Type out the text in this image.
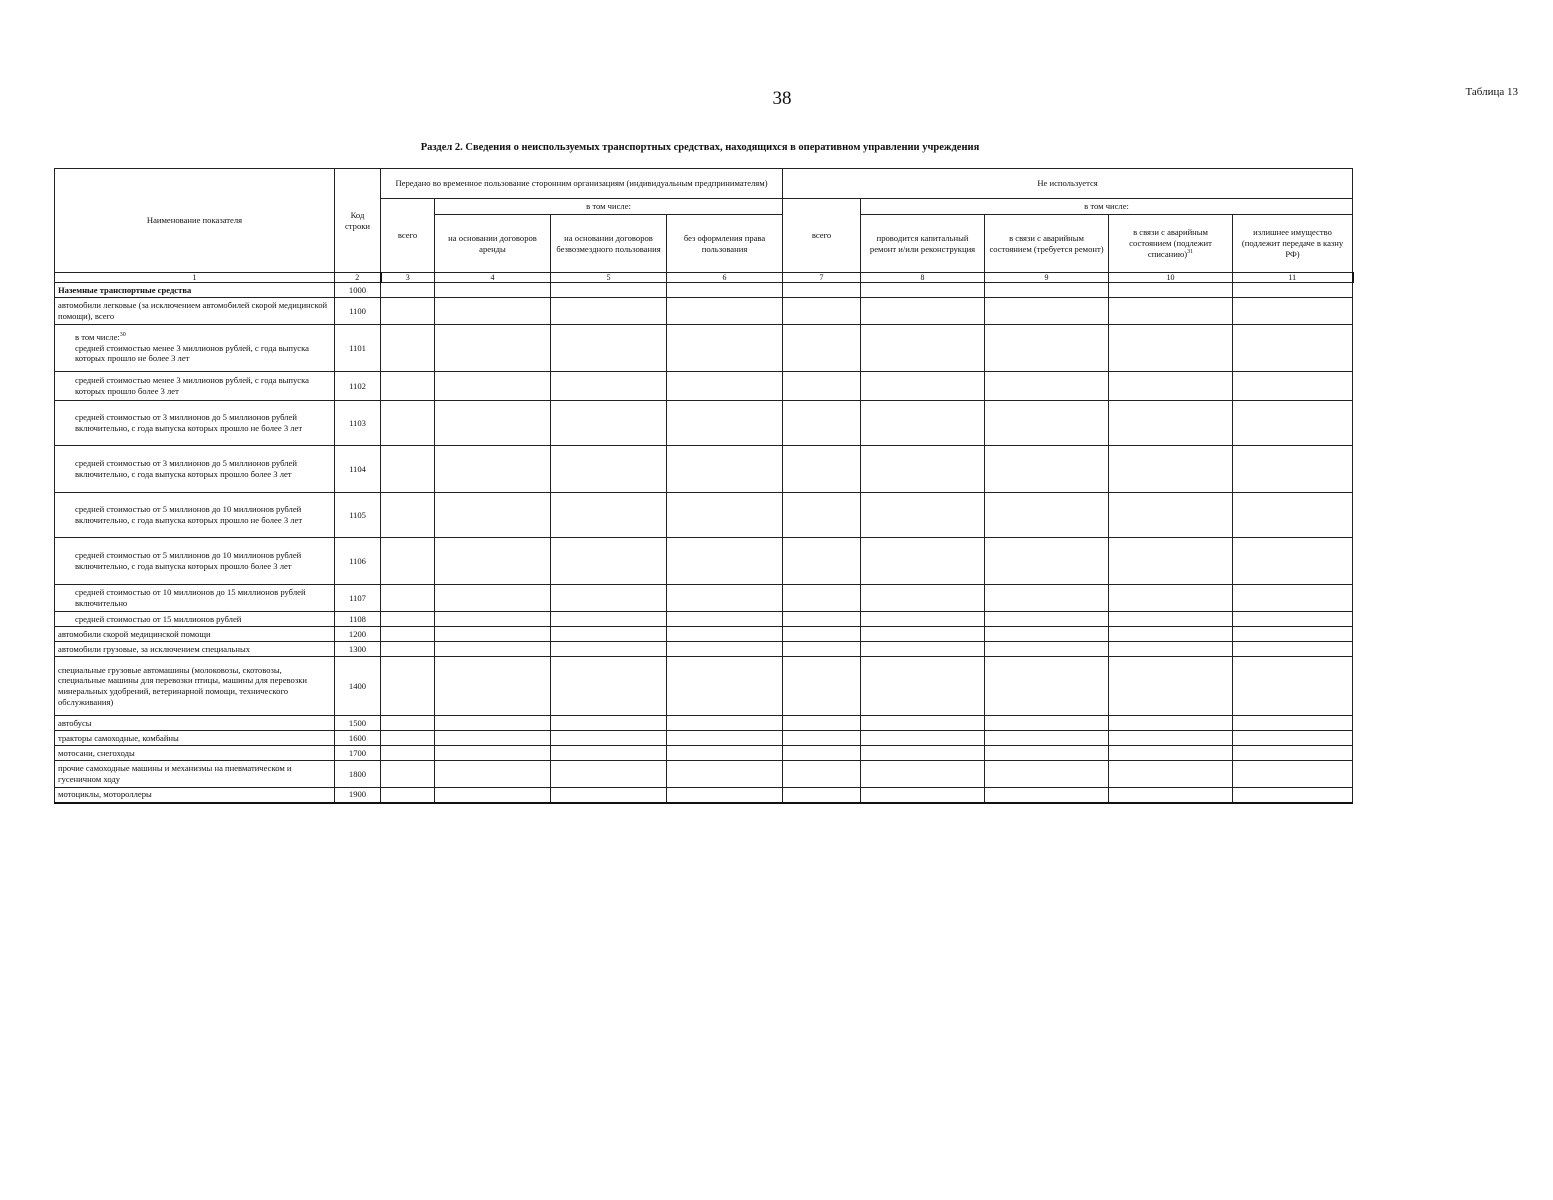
38	Таблица 13
Раздел 2. Сведения о неиспользуемых транспортных средствах, находящихся в оперативном управлении учреждения
Наименование показателя	Код строки	Передано во временное пользование сторонним организациям (индивидуальным предпринимателям)				Не используется				
		всего	в том числе:			всего	в том числе:			
			на основании договоров аренды	на основании договоров безвозмездного пользования	без оформления права пользования		проводится капитальный ремонт и/или реконструкция	в связи с аварийным состоянием (требуется ремонт)	в связи с аварийным состоянием (подлежит списанию)$^{31}$	излишнее имущество (подлежит передаче в казну РФ)
1	2	3	4	5	6	7	8	9	10	11
Наземные транспортные средства	1000									
автомобили легковые (за исключением автомобилей скорой медицинской помощи), всего	1100									
в том числе:$^{30}$
средней стоимостью менее 3 миллионов рублей, с года выпуска которых прошло не более 3 лет	1101									
средней стоимостью менее 3 миллионов рублей, с года выпуска которых прошло более 3 лет	1102									
средней стоимостью от 3 миллионов до 5 миллионов рублей включительно, с года выпуска которых прошло не более 3 лет	1103									
средней стоимостью от 3 миллионов до 5 миллионов рублей включительно, с года выпуска которых прошло более 3 лет	1104									
средней стоимостью от 5 миллионов до 10 миллионов рублей включительно, с года выпуска которых прошло не более 3 лет	1105									
средней стоимостью от 5 миллионов до 10 миллионов рублей включительно, с года выпуска которых прошло более 3 лет	1106									
средней стоимостью от 10 миллионов до 15 миллионов рублей включительно	1107									
средней стоимостью от 15 миллионов рублей	1108									
автомобили скорой медицинской помощи	1200									
автомобили грузовые, за исключением специальных	1300									
специальные грузовые автомашины (молоковозы, скотовозы, специальные машины для перевозки птицы, машины для перевозки минеральных удобрений, ветеринарной помощи, технического обслуживания)	1400									
автобусы	1500									
тракторы самоходные, комбайны	1600									
мотосани, снегоходы	1700									
прочие самоходные машины и механизмы на пневматическом и гусеничном ходу	1800									
мотоциклы, мотороллеры	1900									
